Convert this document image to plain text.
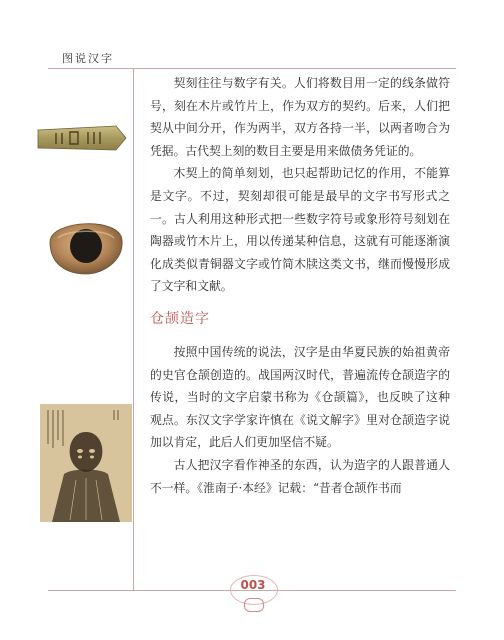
图说汉字

契刻往往与数字有关。人们将数目用一定的线条做符号，刻在木片或竹片上，作为双方的契约。后来，人们把契从中间分开，作为两半，双方各持一半，以两者吻合为凭据。古代契上刻的数目主要是用来做债务凭证的。

木契上的简单刻划，也只起帮助记忆的作用，不能算是文字。不过，契刻却很可能是最早的文字书写形式之一。古人利用这种形式把一些数字符号或象形符号刻划在陶器或竹木片上，用以传递某种信息，这就有可能逐渐演化成类似青铜器文字或竹简木牍这类文书，继而慢慢形成了文字和文献。

仓颉造字

按照中国传统的说法，汉字是由华夏民族的始祖黄帝的史官仓颉创造的。战国两汉时代，普遍流传仓颉造字的传说，当时的文字启蒙书称为《仓颉篇》，也反映了这种观点。东汉文字学家许慎在《说文解字》里对仓颉造字说加以肯定，此后人们更加坚信不疑。

古人把汉字看作神圣的东西，认为造字的人跟普通人不一样。《淮南子·本经》记载：“昔者仓颉作书而

003
